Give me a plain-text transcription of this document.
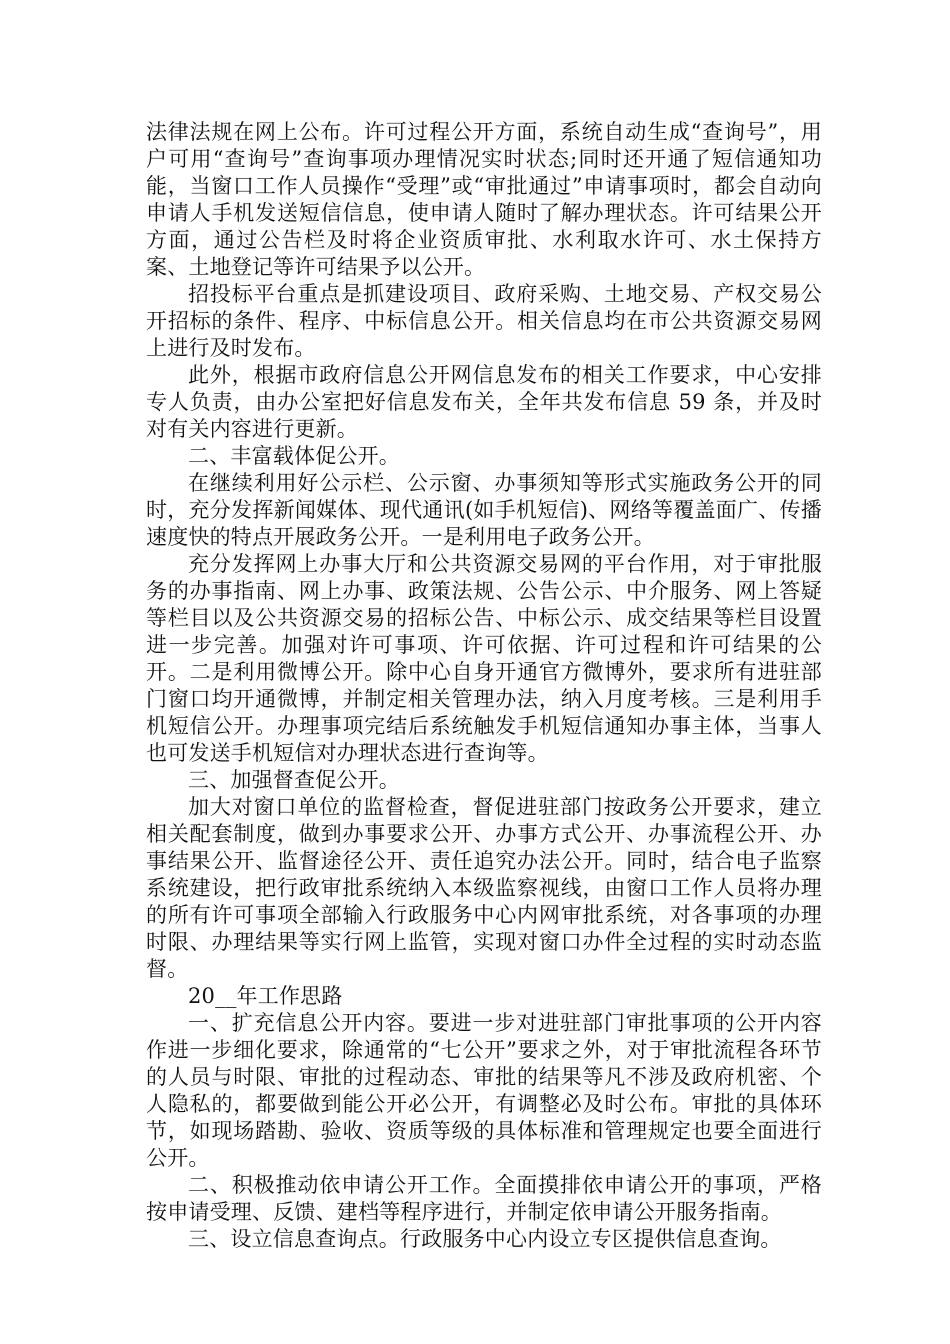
法律法规在网上公布。许可过程公开方面，系统自动生成“查询号”，用户可用“查询号”查询事项办理情况实时状态;同时还开通了短信通知功能，当窗口工作人员操作“受理”或“审批通过”申请事项时，都会自动向申请人手机发送短信信息，使申请人随时了解办理状态。许可结果公开方面，通过公告栏及时将企业资质审批、水利取水许可、水土保持方案、土地登记等许可结果予以公开。

招投标平台重点是抓建设项目、政府采购、土地交易、产权交易公开招标的条件、程序、中标信息公开。相关信息均在市公共资源交易网上进行及时发布。

此外，根据市政府信息公开网信息发布的相关工作要求，中心安排专人负责，由办公室把好信息发布关，全年共发布信息 59 条，并及时对有关内容进行更新。

二、丰富载体促公开。

在继续利用好公示栏、公示窗、办事须知等形式实施政务公开的同时，充分发挥新闻媒体、现代通讯(如手机短信)、网络等覆盖面广、传播速度快的特点开展政务公开。一是利用电子政务公开。

充分发挥网上办事大厅和公共资源交易网的平台作用，对于审批服务的办事指南、网上办事、政策法规、公告公示、中介服务、网上答疑等栏目以及公共资源交易的招标公告、中标公示、成交结果等栏目设置进一步完善。加强对许可事项、许可依据、许可过程和许可结果的公开。二是利用微博公开。除中心自身开通官方微博外，要求所有进驻部门窗口均开通微博，并制定相关管理办法，纳入月度考核。三是利用手机短信公开。办理事项完结后系统触发手机短信通知办事主体，当事人也可发送手机短信对办理状态进行查询等。

三、加强督查促公开。

加大对窗口单位的监督检查，督促进驻部门按政务公开要求，建立相关配套制度，做到办事要求公开、办事方式公开、办事流程公开、办事结果公开、监督途径公开、责任追究办法公开。同时，结合电子监察系统建设，把行政审批系统纳入本级监察视线，由窗口工作人员将办理的所有许可事项全部输入行政服务中心内网审批系统，对各事项的办理时限、办理结果等实行网上监管，实现对窗口办件全过程的实时动态监督。

20__年工作思路

一、扩充信息公开内容。要进一步对进驻部门审批事项的公开内容作进一步细化要求，除通常的“七公开”要求之外，对于审批流程各环节的人员与时限、审批的过程动态、审批的结果等凡不涉及政府机密、个人隐私的，都要做到能公开必公开，有调整必及时公布。审批的具体环节，如现场踏勘、验收、资质等级的具体标准和管理规定也要全面进行公开。

二、积极推动依申请公开工作。全面摸排依申请公开的事项，严格按申请受理、反馈、建档等程序进行，并制定依申请公开服务指南。

三、设立信息查询点。行政服务中心内设立专区提供信息查询。
